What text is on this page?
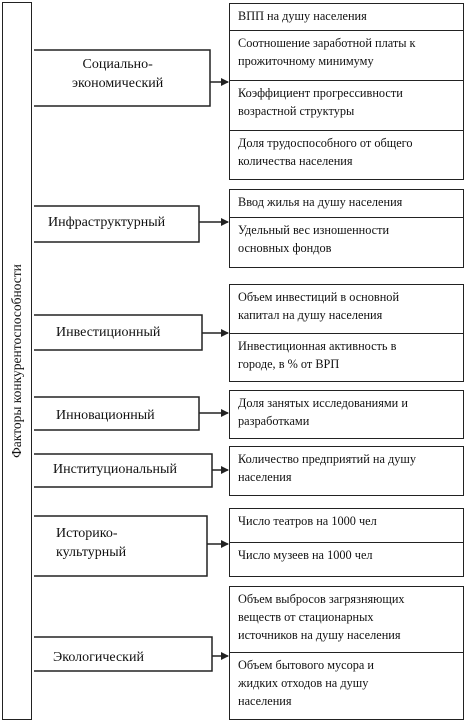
Факторы конкурентоспособности
Социально-
экономический
Инфраструктурный
Инвестиционный
Инновационный
Институциональный
Историко-
культурный
Экологический
ВПП на душу населения
Соотношение заработной платы к
прожиточному минимуму
Коэффициент прогрессивности
возрастной структуры
Доля трудоспособного от общего
количества населения
Ввод жилья на душу населения
Удельный вес изношенности
основных фондов
Объем инвестиций в основной
капитал на душу населения
Инвестиционная активность в
городе, в % от ВРП
Доля занятых исследованиями и
разработками
Количество предприятий на душу
населения
Число театров на 1000 чел
Число музеев на 1000 чел
Объем выбросов загрязняющих
веществ от стационарных
источников на душу населения
Объем бытового мусора и
жидких отходов на душу
населения
